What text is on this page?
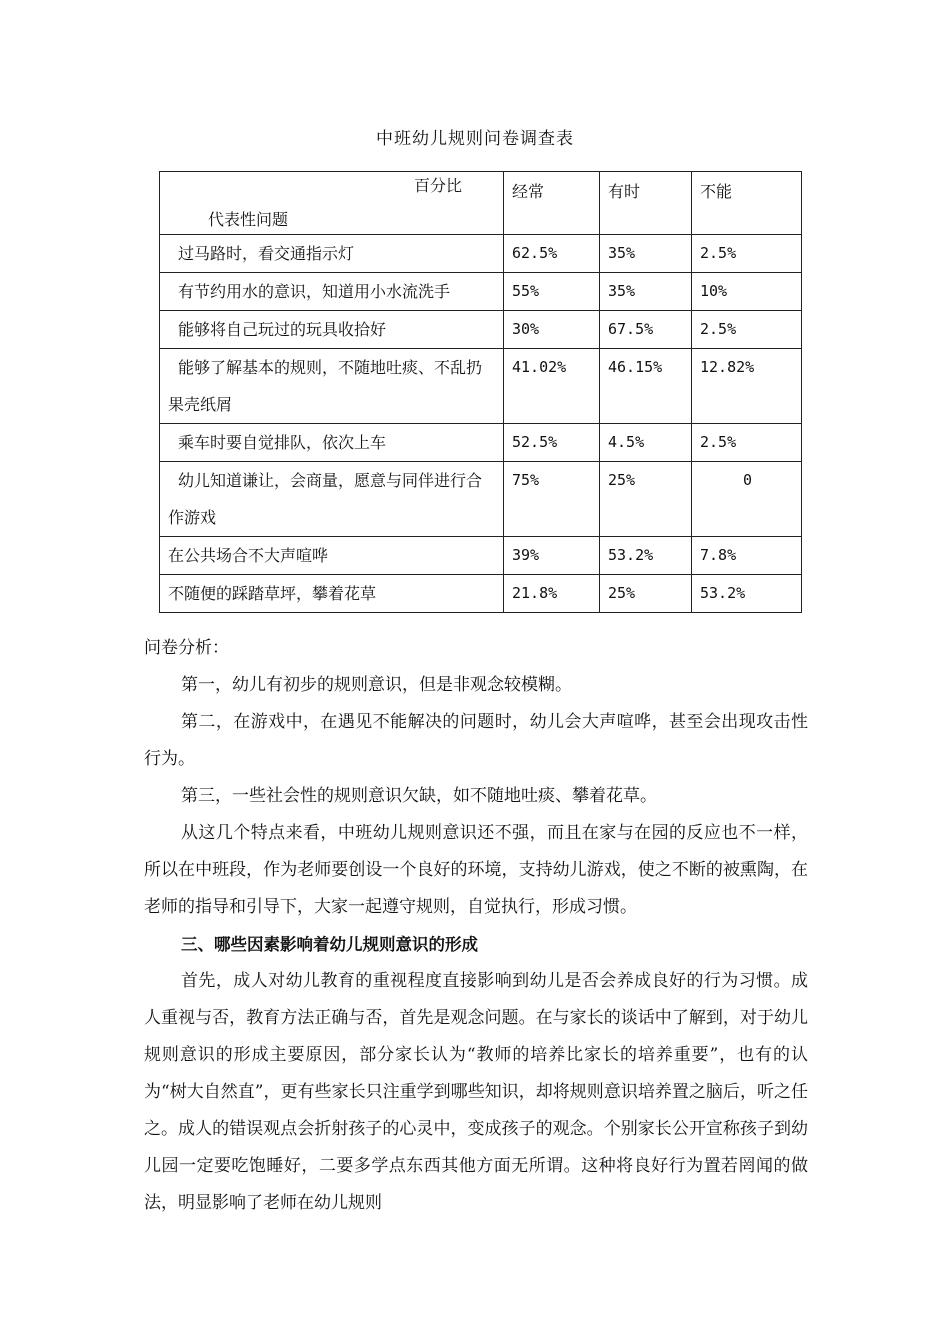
中班幼儿规则问卷调查表
百分比
代表性问题	经常	有时	不能
过马路时，看交通指示灯	62.5%	35%	2.5%
有节约用水的意识，知道用小水流洗手	55%	35%	10%
能够将自己玩过的玩具收拾好	30%	67.5%	2.5%
能够了解基本的规则，不随地吐痰、不乱扔果壳纸屑	41.02%	46.15%	12.82%
乘车时要自觉排队，依次上车	52.5%	4.5%	2.5%
幼儿知道谦让，会商量，愿意与同伴进行合作游戏	75%	25%	0
在公共场合不大声喧哗	39%	53.2%	7.8%
不随便的踩踏草坪，攀着花草	21.8%	25%	53.2%

问卷分析：

第一，幼儿有初步的规则意识，但是非观念较模糊。

第二，在游戏中，在遇见不能解决的问题时，幼儿会大声喧哗，甚至会出现攻击性行为。

第三，一些社会性的规则意识欠缺，如不随地吐痰、攀着花草。

从这几个特点来看，中班幼儿规则意识还不强，而且在家与在园的反应也不一样，所以在中班段，作为老师要创设一个良好的环境，支持幼儿游戏，使之不断的被熏陶，在老师的指导和引导下，大家一起遵守规则，自觉执行，形成习惯。

三、哪些因素影响着幼儿规则意识的形成

首先，成人对幼儿教育的重视程度直接影响到幼儿是否会养成良好的行为习惯。成人重视与否，教育方法正确与否，首先是观念问题。在与家长的谈话中了解到，对于幼儿规则意识的形成主要原因，部分家长认为“教师的培养比家长的培养重要”，也有的认为“树大自然直”，更有些家长只注重学到哪些知识，却将规则意识培养置之脑后，听之任之。成人的错误观点会折射孩子的心灵中，变成孩子的观念。个别家长公开宣称孩子到幼儿园一定要吃饱睡好，二要多学点东西其他方面无所谓。这种将良好行为置若罔闻的做法，明显影响了老师在幼儿规则
